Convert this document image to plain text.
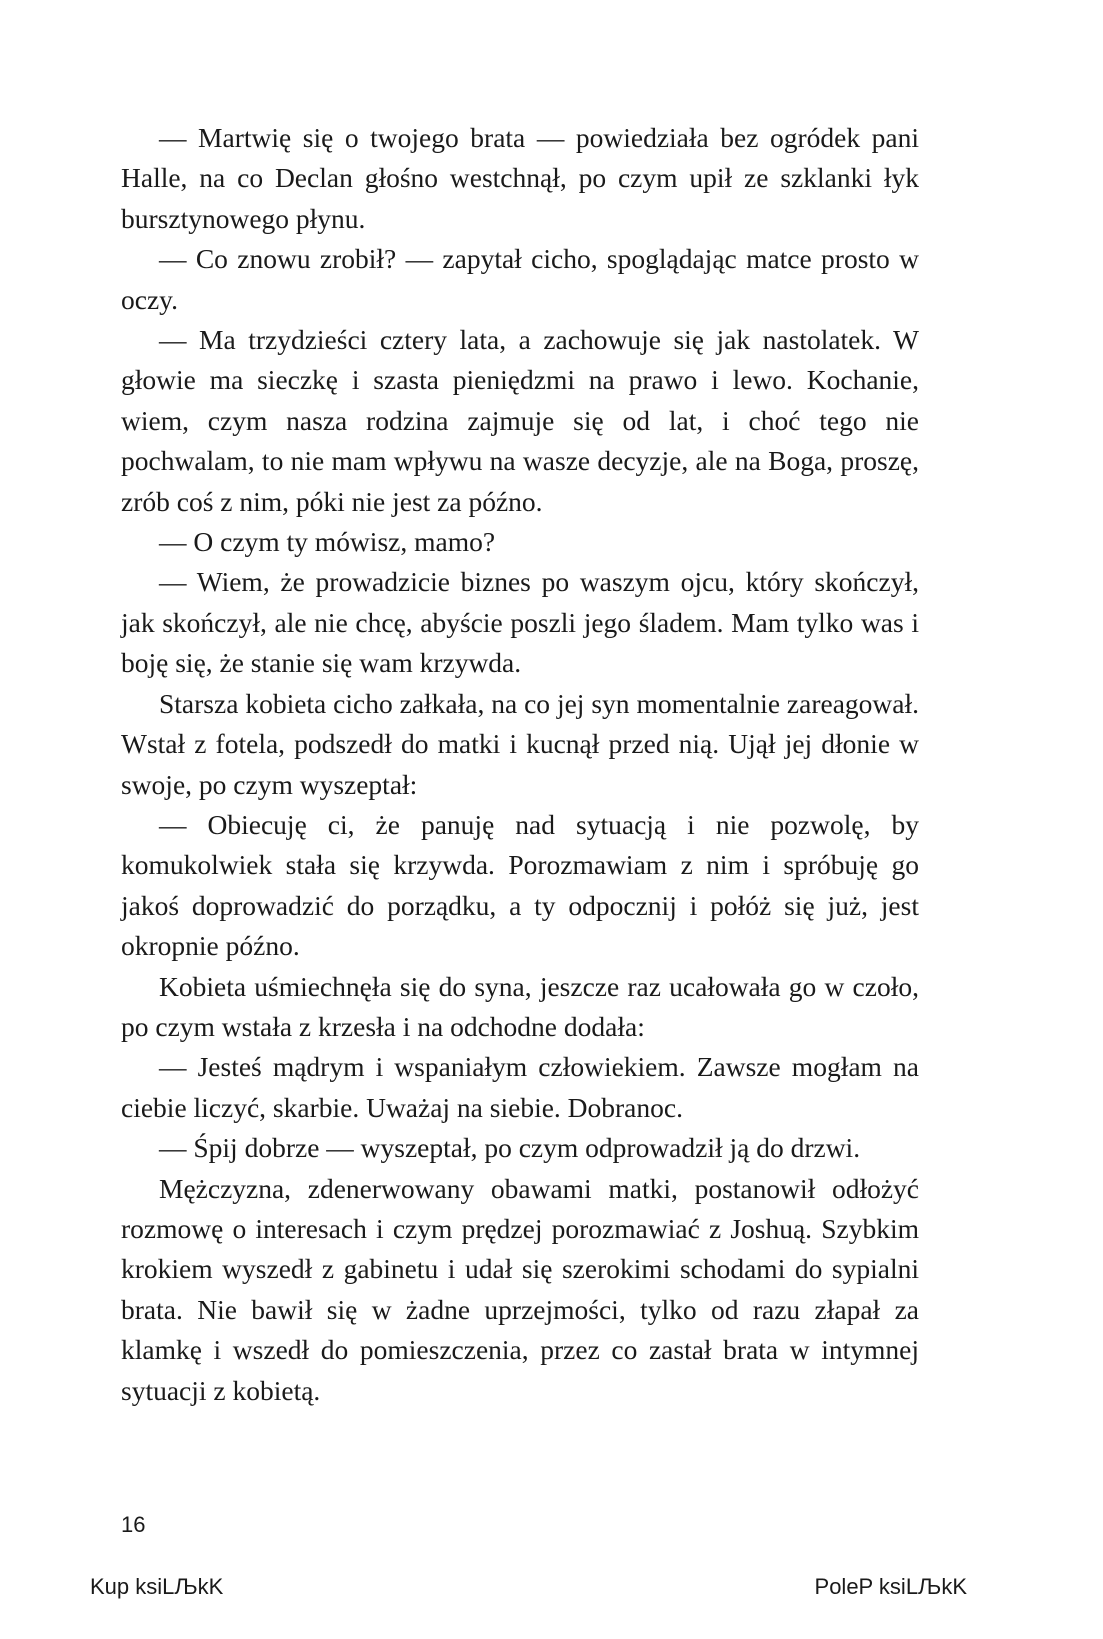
— Martwię się o twojego brata — powiedziała bez ogródek pani Halle, na co Declan głośno westchnął, po czym upił ze szklanki łyk bursztynowego płynu.

— Co znowu zrobił? — zapytał cicho, spoglądając matce prosto w oczy.

— Ma trzydzieści cztery lata, a zachowuje się jak nastolatek. W głowie ma sieczkę i szasta pieniędzmi na prawo i lewo. Kochanie, wiem, czym nasza rodzina zajmuje się od lat, i choć tego nie pochwalam, to nie mam wpływu na wasze decyzje, ale na Boga, proszę, zrób coś z nim, póki nie jest za późno.

— O czym ty mówisz, mamo?

— Wiem, że prowadzicie biznes po waszym ojcu, który skończył, jak skończył, ale nie chcę, abyście poszli jego śladem. Mam tylko was i boję się, że stanie się wam krzywda.

Starsza kobieta cicho załkała, na co jej syn momentalnie zareagował. Wstał z fotela, podszedł do matki i kucnął przed nią. Ujął jej dłonie w swoje, po czym wyszeptał:

— Obiecuję ci, że panuję nad sytuacją i nie pozwolę, by komukolwiek stała się krzywda. Porozmawiam z nim i spróbuję go jakoś doprowadzić do porządku, a ty odpocznij i połóż się już, jest okropnie późno.

Kobieta uśmiechnęła się do syna, jeszcze raz ucałowała go w czoło, po czym wstała z krzesła i na odchodne dodała:

— Jesteś mądrym i wspaniałym człowiekiem. Zawsze mogłam na ciebie liczyć, skarbie. Uważaj na siebie. Dobranoc.

— Śpij dobrze — wyszeptał, po czym odprowadził ją do drzwi.

Mężczyzna, zdenerwowany obawami matki, postanowił odłożyć rozmowę o interesach i czym prędzej porozmawiać z Joshuą. Szybkim krokiem wyszedł z gabinetu i udał się szerokimi schodami do sypialni brata. Nie bawił się w żadne uprzejmości, tylko od razu złapał za klamkę i wszedł do pomieszczenia, przez co zastał brata w intymnej sytuacji z kobietą.

16
Kup ksiLЉkK	PoleP ksiLЉkK
